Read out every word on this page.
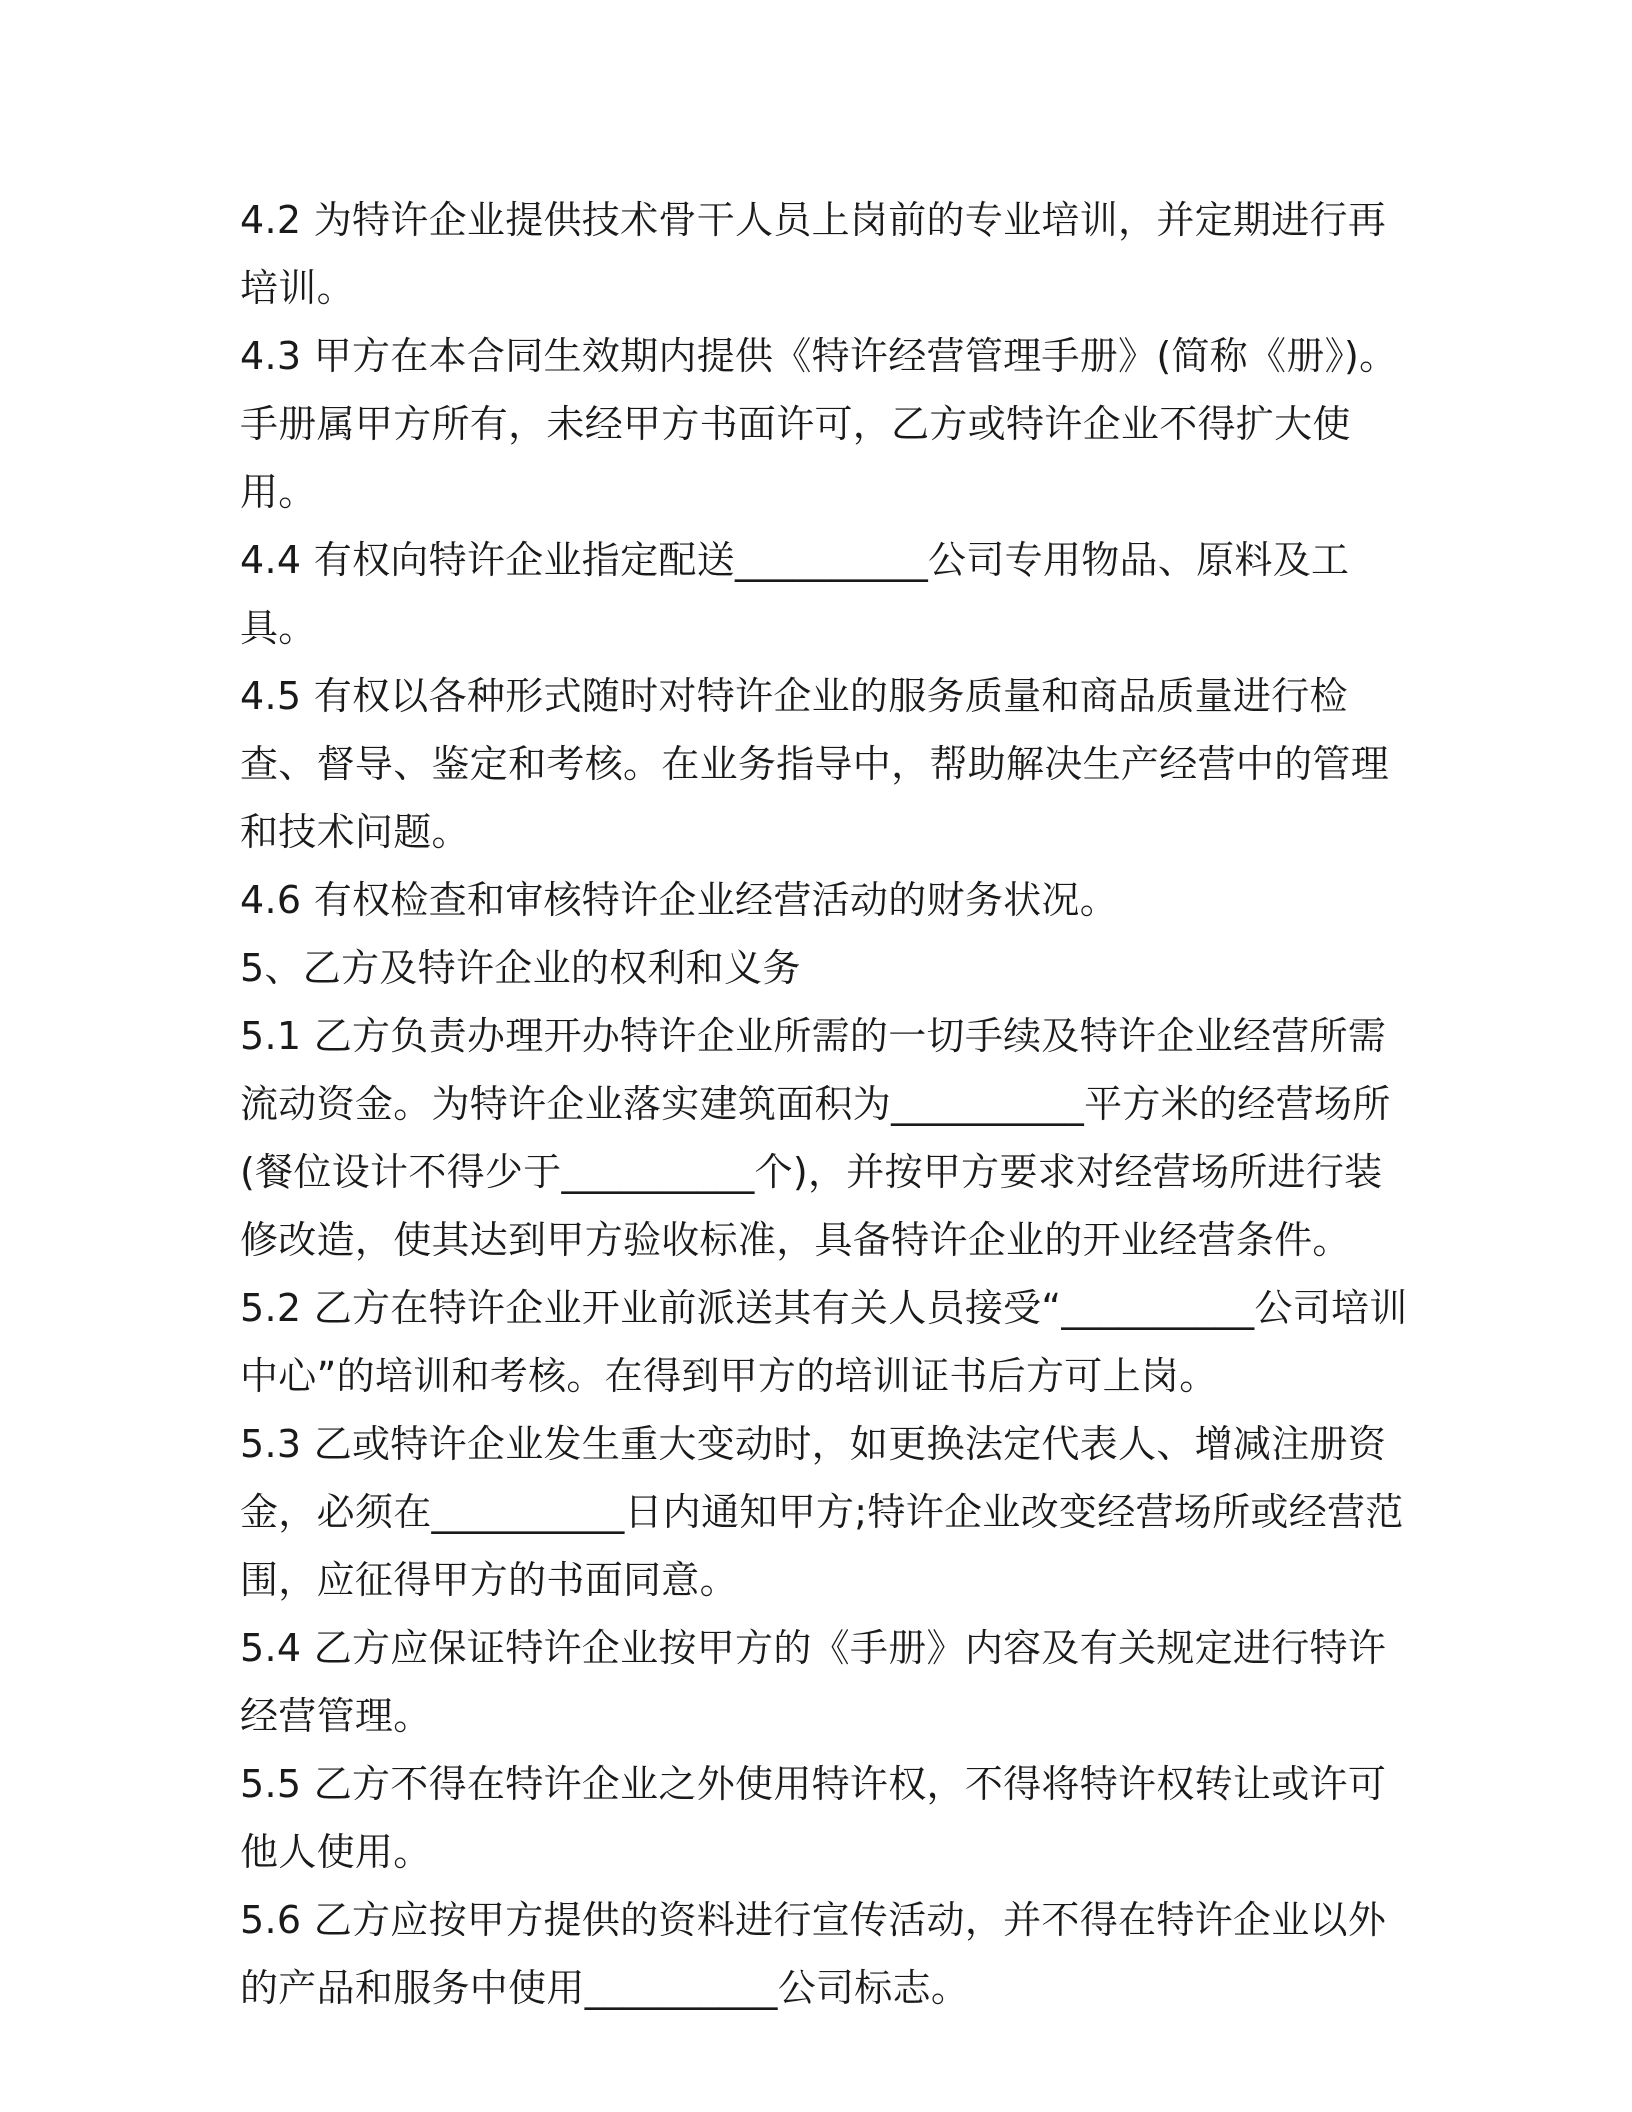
4.2 为特许企业提供技术骨干人员上岗前的专业培训，并定期进行再培训。

4.3 甲方在本合同生效期内提供《特许经营管理手册》(简称《册》)。手册属甲方所有，未经甲方书面许可，乙方或特许企业不得扩大使用。

4.4 有权向特许企业指定配送__________公司专用物品、原料及工具。

4.5 有权以各种形式随时对特许企业的服务质量和商品质量进行检查、督导、鉴定和考核。在业务指导中，帮助解决生产经营中的管理和技术问题。

4.6 有权检查和审核特许企业经营活动的财务状况。

5、乙方及特许企业的权利和义务

5.1 乙方负责办理开办特许企业所需的一切手续及特许企业经营所需流动资金。为特许企业落实建筑面积为__________平方米的经营场所(餐位设计不得少于__________个)，并按甲方要求对经营场所进行装修改造，使其达到甲方验收标准，具备特许企业的开业经营条件。

5.2 乙方在特许企业开业前派送其有关人员接受“__________公司培训中心”的培训和考核。在得到甲方的培训证书后方可上岗。

5.3 乙或特许企业发生重大变动时，如更换法定代表人、增减注册资金，必须在__________日内通知甲方;特许企业改变经营场所或经营范围，应征得甲方的书面同意。

5.4 乙方应保证特许企业按甲方的《手册》内容及有关规定进行特许经营管理。

5.5 乙方不得在特许企业之外使用特许权，不得将特许权转让或许可他人使用。

5.6 乙方应按甲方提供的资料进行宣传活动，并不得在特许企业以外的产品和服务中使用__________公司标志。
